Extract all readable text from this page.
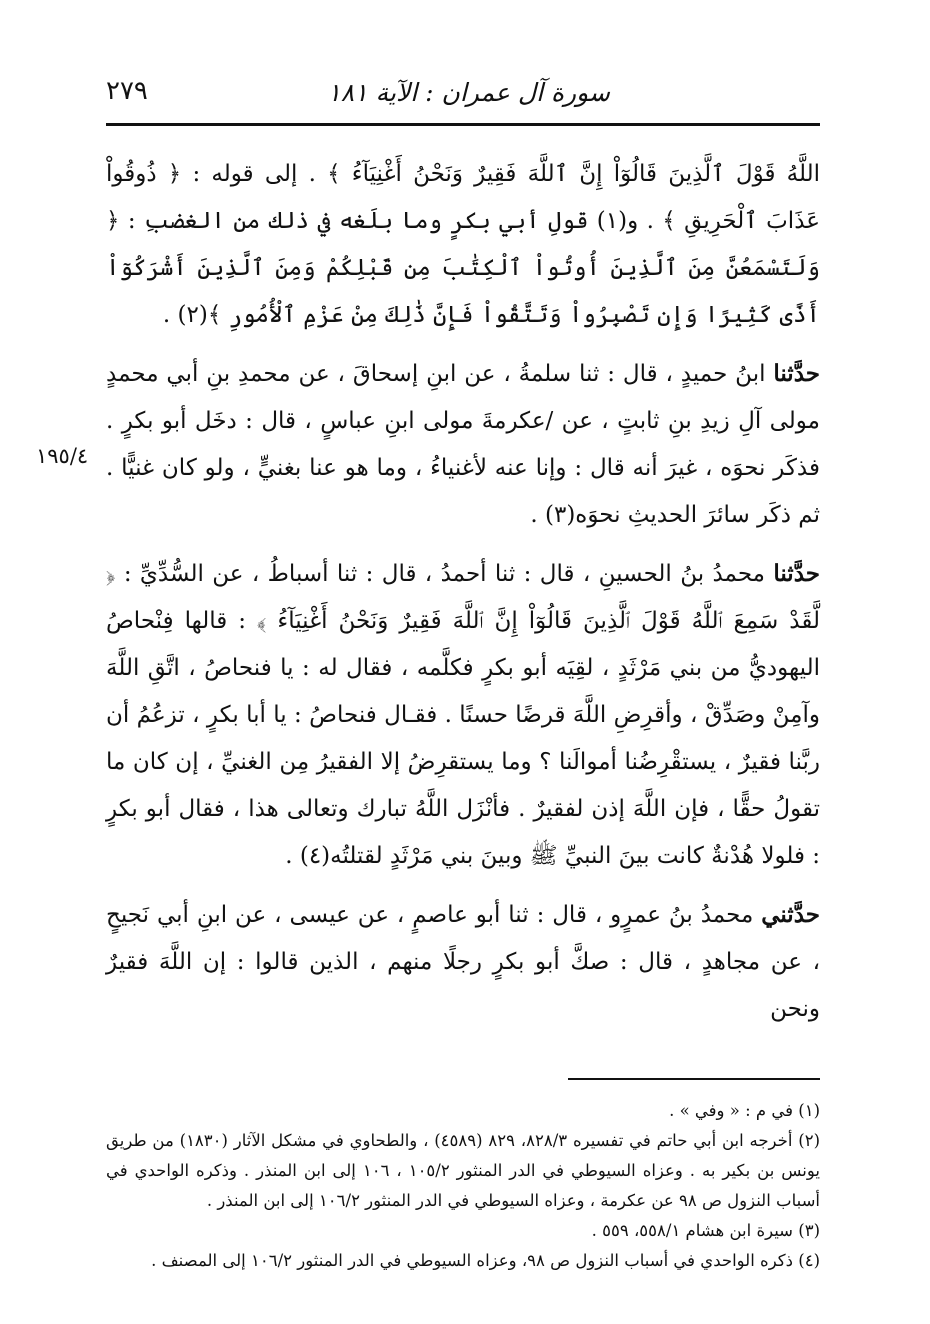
سورة آل عمران : الآية ١٨١
٢٧٩
١٩٥/٤

اللَّهُ قَوْلَ ٱلَّذِينَ قَالُوٓاْ إِنَّ ٱللَّهَ فَقِيرٌ وَنَحْنُ أَغْنِيَآءُ ﴾ . إلى قوله : ﴿ ذُوقُواْ عَذَابَ ٱلْحَرِيقِ ﴾ . و(١) قولِ أبي بكرٍ وما بلَغه في ذلك من الغضبِ : ﴿ وَلَتَسْمَعُنَّ مِنَ ٱلَّذِينَ أُوتُواْ ٱلْكِتَٰبَ مِن قَبْلِكُمْ وَمِنَ ٱلَّذِينَ أَشْرَكُوٓاْ أَذًى كَثِيرًا وَإِن تَصْبِرُواْ وَتَتَّقُواْ فَإِنَّ ذَٰلِكَ مِنْ عَزْمِ ٱلْأُمُورِ ﴾(٢) .

حدَّثنا ابنُ حميدٍ ، قال : ثنا سلمةُ ، عن ابنِ إسحاقَ ، عن محمدِ بنِ أبي محمدٍ مولى آلِ زيدِ بنِ ثابتٍ ، عن /عكرمةَ مولى ابنِ عباسٍ ، قال : دخَل أبو بكرٍ . فذكَر نحوَه ، غيرَ أنه قال : وإنا عنه لأغنياءُ ، وما هو عنا بغنيٍّ ، ولو كان غنيًّا . ثم ذكَر سائرَ الحديثِ نحوَه(٣) .

حدَّثنا محمدُ بنُ الحسينِ ، قال : ثنا أحمدُ ، قال : ثنا أسباطُ ، عن السُّدِّيِّ : ﴿ لَّقَدْ سَمِعَ ٱللَّهُ قَوْلَ ٱلَّذِينَ قَالُوٓاْ إِنَّ ٱللَّهَ فَقِيرٌ وَنَحْنُ أَغْنِيَآءُ ﴾ : قالها فِنْحاصُ اليهوديُّ من بني مَرْثَدٍ ، لقِيَه أبو بكرٍ فكلَّمه ، فقال له : يا فنحاصُ ، اتَّقِ اللَّهَ وآمِنْ وصَدِّقْ ، وأقرِضِ اللَّهَ قرضًا حسنًا . فقـال فنحاصُ : يا أبا بكرٍ ، تزعُمُ أن ربَّنا فقيرٌ ، يستقْرِضُنا أموالَنا ؟ وما يستقرِضُ إلا الفقيرُ مِن الغنيِّ ، إن كان ما تقولُ حقًّا ، فإن اللَّهَ إذن لفقيرٌ . فأنْزَل اللَّهُ تبارك وتعالى هذا ، فقال أبو بكرٍ : فلولا هُدْنةٌ كانت بينَ النبيِّ ﷺ وبينَ بني مَرْثَدٍ لقتلتُه(٤) .

حدَّثني محمدُ بنُ عمرٍو ، قال : ثنا أبو عاصمٍ ، عن عيسى ، عن ابنِ أبي نَجيحٍ ، عن مجاهدٍ ، قال : صكَّ أبو بكرٍ رجلًا منهم ، الذين قالوا : إن اللَّهَ فقيرٌ ونحن

(١) في م : « وفي » .

(٢) أخرجه ابن أبي حاتم في تفسيره ٨٢٨/٣، ٨٢٩ (٤٥٨٩) ، والطحاوي في مشكل الآثار (١٨٣٠) من طريق يونس بن بكير به . وعزاه السيوطي في الدر المنثور ١٠٥/٢ ، ١٠٦ إلى ابن المنذر . وذكره الواحدي في أسباب النزول ص ٩٨ عن عكرمة ، وعزاه السيوطي في الدر المنثور ١٠٦/٢ إلى ابن المنذر .

(٣) سيرة ابن هشام ٥٥٨/١، ٥٥٩ .

(٤) ذكره الواحدي في أسباب النزول ص ٩٨، وعزاه السيوطي في الدر المنثور ١٠٦/٢ إلى المصنف .
